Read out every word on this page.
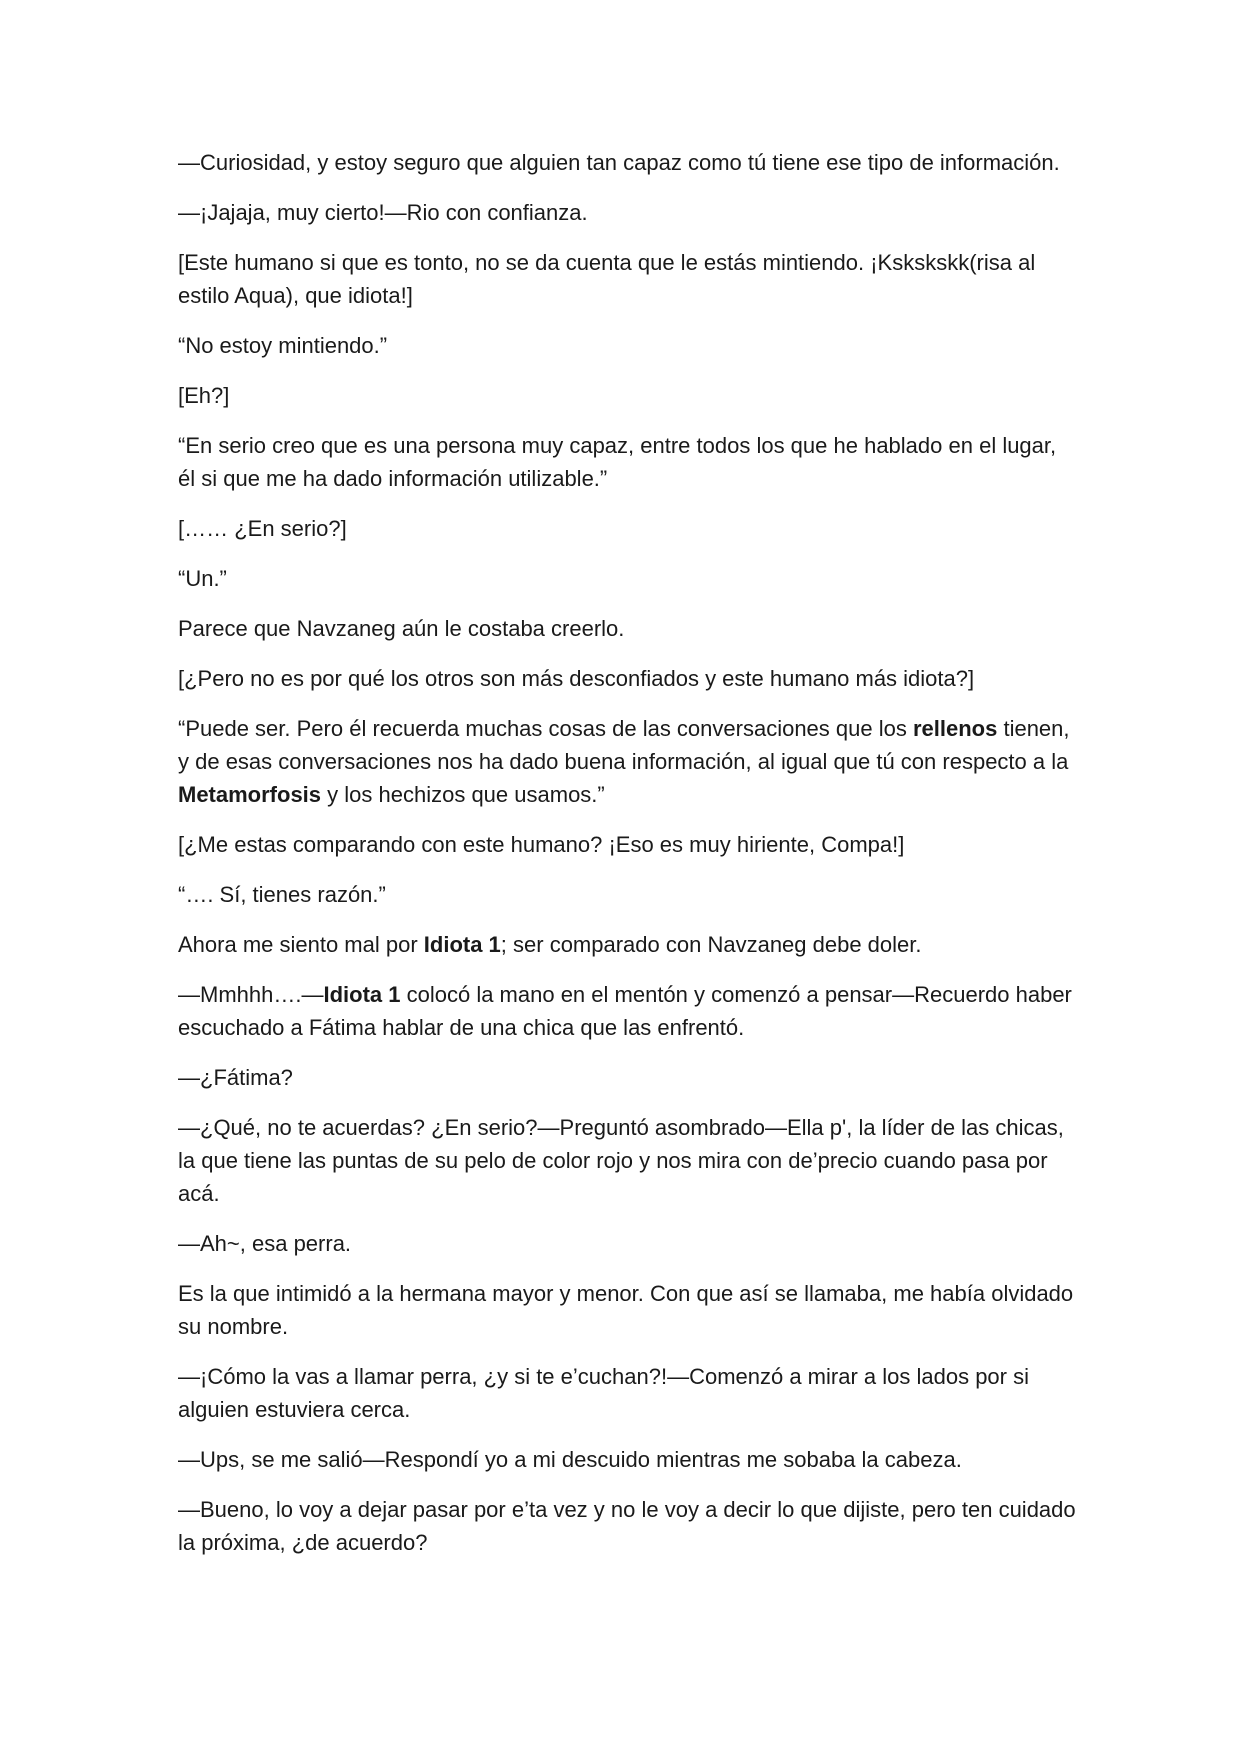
—Curiosidad, y estoy seguro que alguien tan capaz como tú tiene ese tipo de información.

—¡Jajaja, muy cierto!—Rio con confianza.

[Este humano si que es tonto, no se da cuenta que le estás mintiendo. ¡Kskskskk(risa al estilo Aqua), que idiota!]

“No estoy mintiendo.”

[Eh?]

“En serio creo que es una persona muy capaz, entre todos los que he hablado en el lugar, él si que me ha dado información utilizable.”

[…… ¿En serio?]

“Un.”

Parece que Navzaneg aún le costaba creerlo.

[¿Pero no es por qué los otros son más desconfiados y este humano más idiota?]

“Puede ser. Pero él recuerda muchas cosas de las conversaciones que los rellenos tienen, y de esas conversaciones nos ha dado buena información, al igual que tú con respecto a la Metamorfosis y los hechizos que usamos.”

[¿Me estas comparando con este humano? ¡Eso es muy hiriente, Compa!]

“…. Sí, tienes razón.”

Ahora me siento mal por Idiota 1; ser comparado con Navzaneg debe doler.

—Mmhhh….—Idiota 1 colocó la mano en el mentón y comenzó a pensar—Recuerdo haber escuchado a Fátima hablar de una chica que las enfrentó.

—¿Fátima?

—¿Qué, no te acuerdas? ¿En serio?—Preguntó asombrado—Ella p', la líder de las chicas, la que tiene las puntas de su pelo de color rojo y nos mira con de’precio cuando pasa por acá.

—Ah~, esa perra.

Es la que intimidó a la hermana mayor y menor. Con que así se llamaba, me había olvidado su nombre.

—¡Cómo la vas a llamar perra, ¿y si te e’cuchan?!—Comenzó a mirar a los lados por si alguien estuviera cerca.

—Ups, se me salió—Respondí yo a mi descuido mientras me sobaba la cabeza.

—Bueno, lo voy a dejar pasar por e’ta vez y no le voy a decir lo que dijiste, pero ten cuidado la próxima, ¿de acuerdo?
